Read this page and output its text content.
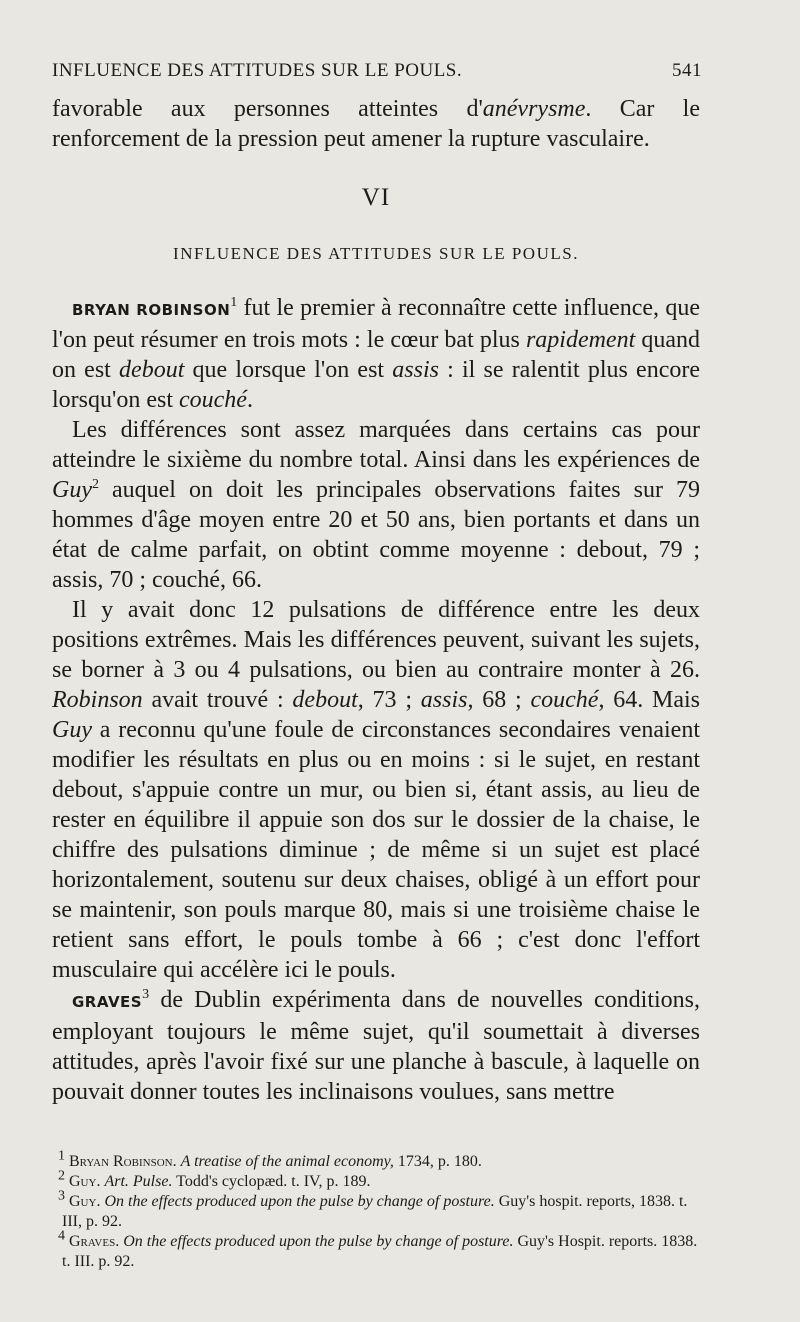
INFLUENCE DES ATTITUDES SUR LE POULS.	541

favorable aux personnes atteintes d'anévrysme. Car le renforcement de la pression peut amener la rupture vasculaire.

VI
INFLUENCE DES ATTITUDES SUR LE POULS.

BRYAN ROBINSON$^1$ fut le premier à reconnaître cette influence, que l'on peut résumer en trois mots : le cœur bat plus rapidement quand on est debout que lorsque l'on est assis : il se ralentit plus encore lorsqu'on est couché.

Les différences sont assez marquées dans certains cas pour atteindre le sixième du nombre total. Ainsi dans les expériences de Guy$^2$ auquel on doit les principales observations faites sur 79 hommes d'âge moyen entre 20 et 50 ans, bien portants et dans un état de calme parfait, on obtint comme moyenne : debout, 79 ; assis, 70 ; couché, 66.

Il y avait donc 12 pulsations de différence entre les deux positions extrêmes. Mais les différences peuvent, suivant les sujets, se borner à 3 ou 4 pulsations, ou bien au contraire monter à 26. Robinson avait trouvé : debout, 73 ; assis, 68 ; couché, 64. Mais Guy a reconnu qu'une foule de circonstances secondaires venaient modifier les résultats en plus ou en moins : si le sujet, en restant debout, s'appuie contre un mur, ou bien si, étant assis, au lieu de rester en équilibre il appuie son dos sur le dossier de la chaise, le chiffre des pulsations diminue ; de même si un sujet est placé horizontalement, soutenu sur deux chaises, obligé à un effort pour se maintenir, son pouls marque 80, mais si une troisième chaise le retient sans effort, le pouls tombe à 66 ; c'est donc l'effort musculaire qui accélère ici le pouls.

GRAVES$^3$ de Dublin expérimenta dans de nouvelles conditions, employant toujours le même sujet, qu'il soumettait à diverses attitudes, après l'avoir fixé sur une planche à bascule, à laquelle on pouvait donner toutes les inclinaisons voulues, sans mettre

$^1$ Bryan Robinson. A treatise of the animal economy, 1734, p. 180.

$^2$ Guy. Art. Pulse. Todd's cyclopæd. t. IV, p. 189.

$^3$ Guy. On the effects produced upon the pulse by change of posture. Guy's hospit. reports, 1838. t. III, p. 92.

$^4$ Graves. On the effects produced upon the pulse by change of posture. Guy's Hospit. reports. 1838. t. III. p. 92.
